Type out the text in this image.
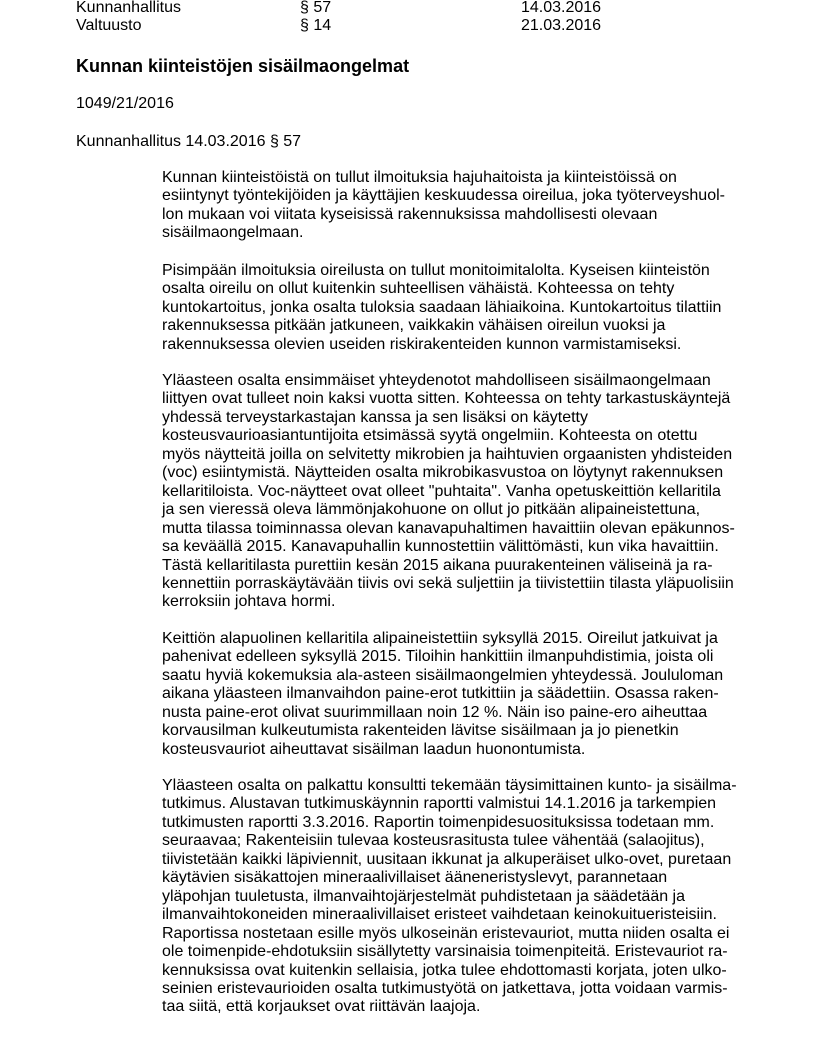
Kunnanhallitus	§ 57	14.03.2016
Valtuusto	§ 14	21.03.2016
Kunnan kiinteistöjen sisäilmaongelmat
1049/21/2016
Kunnanhallitus 14.03.2016 § 57
Kunnan kiinteistöistä on tullut ilmoituksia hajuhaitoista ja kiinteistöissä on
esiintynyt työntekijöiden ja käyttäjien keskuudessa oireilua, joka työterveyshuol-
lon mukaan voi viitata kyseisissä rakennuksissa mahdollisesti olevaan
sisäilmaongelmaan.
Pisimpään ilmoituksia oireilusta on tullut monitoimitalolta. Kyseisen kiinteistön
osalta oireilu on ollut kuitenkin suhteellisen vähäistä. Kohteessa on tehty
kuntokartoitus, jonka osalta tuloksia saadaan lähiaikoina. Kuntokartoitus tilattiin
rakennuksessa pitkään jatkuneen, vaikkakin vähäisen oireilun vuoksi ja
rakennuksessa olevien useiden riskirakenteiden kunnon varmistamiseksi.
Yläasteen osalta ensimmäiset yhteydenotot mahdolliseen sisäilmaongelmaan
liittyen ovat tulleet noin kaksi vuotta sitten. Kohteessa on tehty tarkastuskäyntejä
yhdessä terveystarkastajan kanssa ja sen lisäksi on käytetty
kosteusvaurioasiantuntijoita etsimässä syytä ongelmiin. Kohteesta on otettu
myös näytteitä joilla on selvitetty mikrobien ja haihtuvien orgaanisten yhdisteiden
(voc) esiintymistä. Näytteiden osalta mikrobikasvustoa on löytynyt rakennuksen
kellaritiloista. Voc-näytteet ovat olleet "puhtaita". Vanha opetuskeittiön kellaritila
ja sen vieressä oleva lämmönjakohuone on ollut jo pitkään alipaineistettuna,
mutta tilassa toiminnassa olevan kanavapuhaltimen havaittiin olevan epäkunnos-
sa keväällä 2015. Kanavapuhallin kunnostettiin välittömästi, kun vika havaittiin.
Tästä kellaritilasta purettiin kesän 2015 aikana puurakenteinen väliseinä ja ra-
kennettiin porraskäytävään tiivis ovi sekä suljettiin ja tiivistettiin tilasta yläpuolisiin
kerroksiin johtava hormi.
Keittiön alapuolinen kellaritila alipaineistettiin syksyllä 2015. Oireilut jatkuivat ja
pahenivat edelleen syksyllä 2015. Tiloihin hankittiin ilmanpuhdistimia, joista oli
saatu hyviä kokemuksia ala-asteen sisäilmaongelmien yhteydessä. Joululoman
aikana yläasteen ilmanvaihdon paine-erot tutkittiin ja säädettiin. Osassa raken-
nusta paine-erot olivat suurimmillaan noin 12 %. Näin iso paine-ero aiheuttaa
korvausilman kulkeutumista rakenteiden lävitse sisäilmaan ja jo pienetkin
kosteusvauriot aiheuttavat sisäilman laadun huonontumista.
Yläasteen osalta on palkattu konsultti tekemään täysimittainen kunto- ja sisäilma-
tutkimus. Alustavan tutkimuskäynnin raportti valmistui 14.1.2016 ja tarkempien
tutkimusten raportti 3.3.2016. Raportin toimenpidesuosituksissa todetaan mm.
seuraavaa; Rakenteisiin tulevaa kosteusrasitusta tulee vähentää (salaojitus),
tiivistetään kaikki läpiviennit, uusitaan ikkunat ja alkuperäiset ulko-ovet, puretaan
käytävien sisäkattojen mineraalivillaiset ääneneristyslevyt, parannetaan
yläpohjan tuuletusta, ilmanvaihtojärjestelmät puhdistetaan ja säädetään ja
ilmanvaihtokoneiden mineraalivillaiset eristeet vaihdetaan keinokuitueristeisiin.
Raportissa nostetaan esille myös ulkoseinän eristevauriot, mutta niiden osalta ei
ole toimenpide-ehdotuksiin sisällytetty varsinaisia toimenpiteitä. Eristevauriot ra-
kennuksissa ovat kuitenkin sellaisia, jotka tulee ehdottomasti korjata, joten ulko-
seinien eristevaurioiden osalta tutkimustyötä on jatkettava, jotta voidaan varmis-
taa siitä, että korjaukset ovat riittävän laajoja.
